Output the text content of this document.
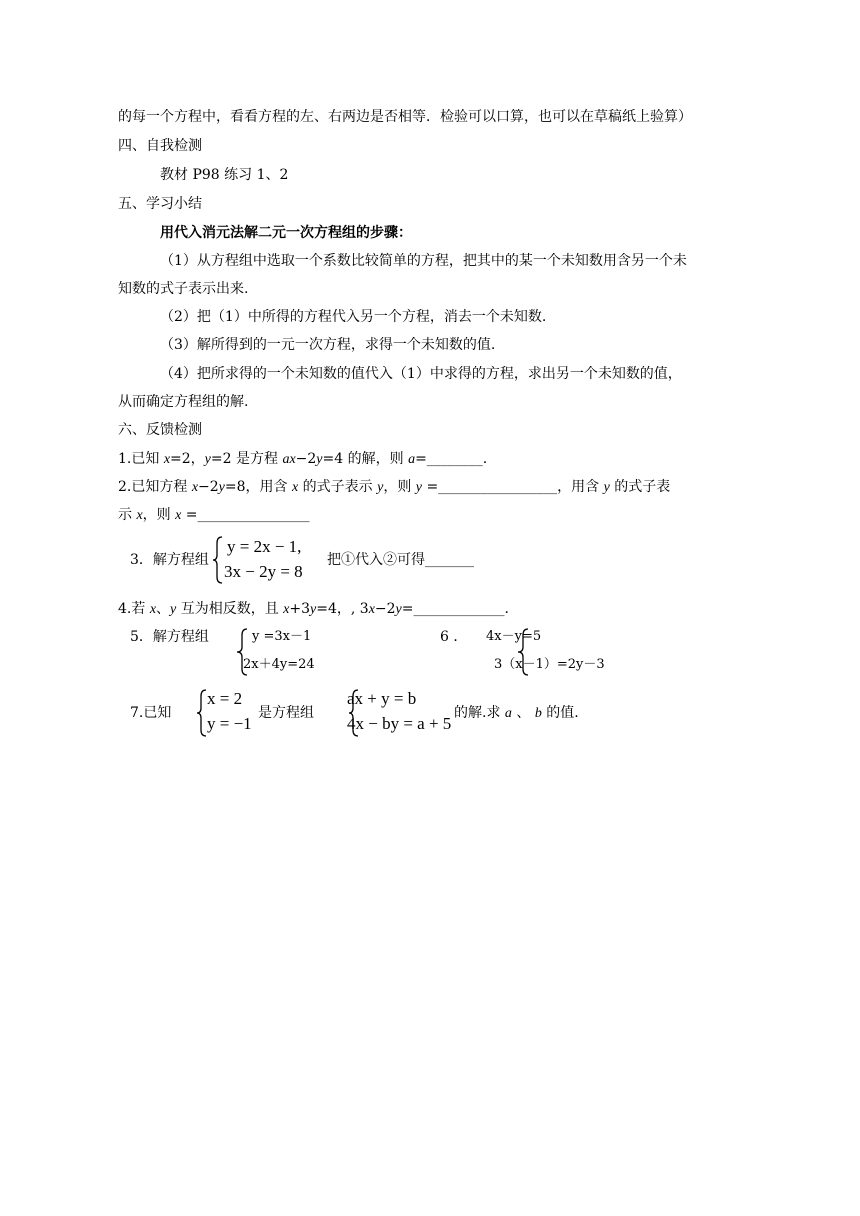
的每一个方程中，看看方程的左、右两边是否相等．检验可以口算，也可以在草稿纸上验算）
四、自我检测
教材 P98 练习 1、2
五、学习小结
用代入消元法解二元一次方程组的步骤：
（1）从方程组中选取一个系数比较简单的方程，把其中的某一个未知数用含另一个未
知数的式子表示出来.
（2）把（1）中所得的方程代入另一个方程，消去一个未知数.
（3）解所得到的一元一次方程，求得一个未知数的值.
（4）把所求得的一个未知数的值代入（1）中求得的方程，求出另一个未知数的值，
从而确定方程组的解.
六、反馈检测
1.已知 x=2，y=2 是方程 ax−2y=4 的解，则 a=________.
2.已知方程 x−2y=8，用含 x 的式子表示 y，则 y =_________________，用含 y 的式子表
示 x，则 x =________________
3．解方程组
y = 2x − 1,
3x − 2y = 8
把①代入②可得_______
4.若 x、y 互为相反数，且 x+3y=4，, 3x−2y=_____________.
5．解方程组	y =3x－1
2x＋4y=24
6 ． 4x－y=5
3（x－1）=2y－3
7.已知
x = 2
y = −1
是方程组
ax + y = b
4x − by = a + 5
的解.求 a 、 b 的值.
